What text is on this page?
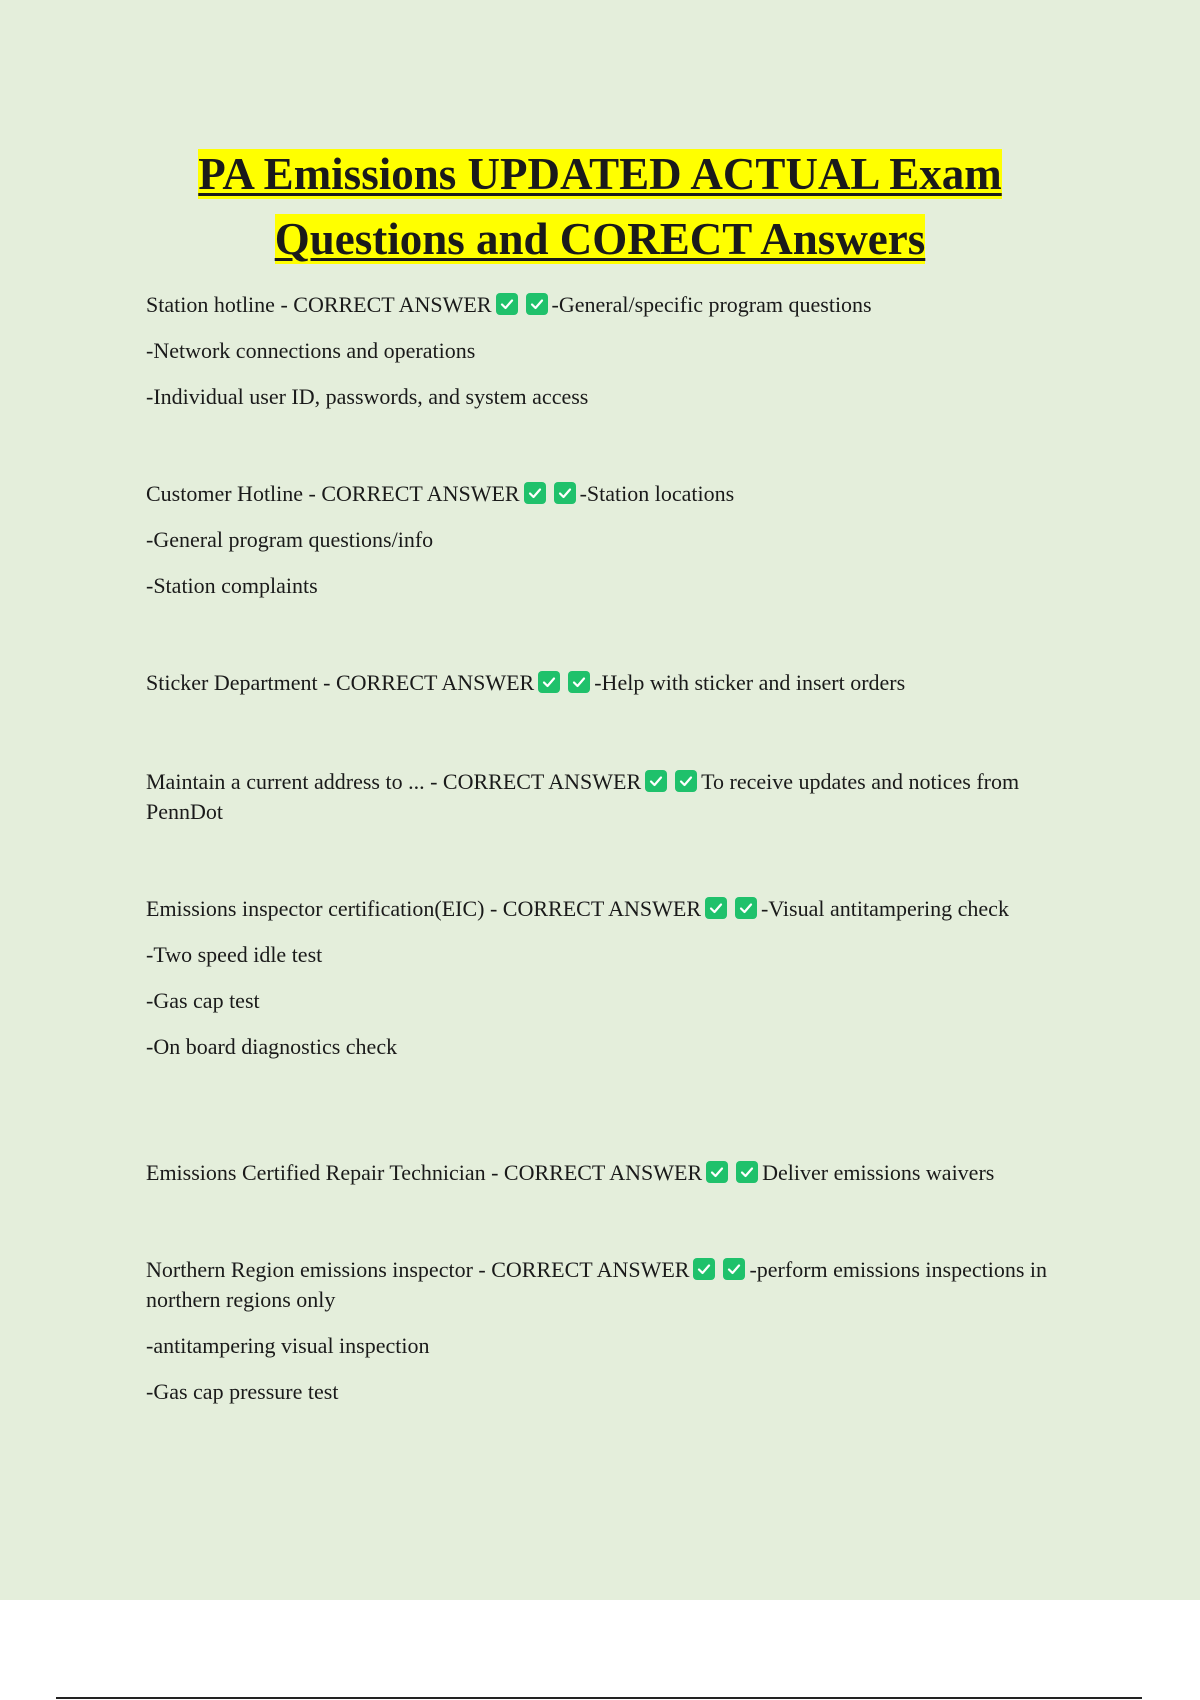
PA Emissions UPDATED ACTUAL Exam
Questions and CORECT Answers
Station hotline - CORRECT ANSWER	-General/specific program questions
-Network connections and operations
-Individual user ID, passwords, and system access
Customer Hotline - CORRECT ANSWER	-Station locations
-General program questions/info
-Station complaints
Sticker Department - CORRECT ANSWER	-Help with sticker and insert orders
Maintain a current address to ... - CORRECT ANSWER	To receive updates and notices from PennDot
Emissions inspector certification(EIC) - CORRECT ANSWER	-Visual antitampering check
-Two speed idle test
-Gas cap test
-On board diagnostics check
Emissions Certified Repair Technician - CORRECT ANSWER	Deliver emissions waivers
Northern Region emissions inspector - CORRECT ANSWER	-perform emissions inspections in northern regions only
-antitampering visual inspection
-Gas cap pressure test
